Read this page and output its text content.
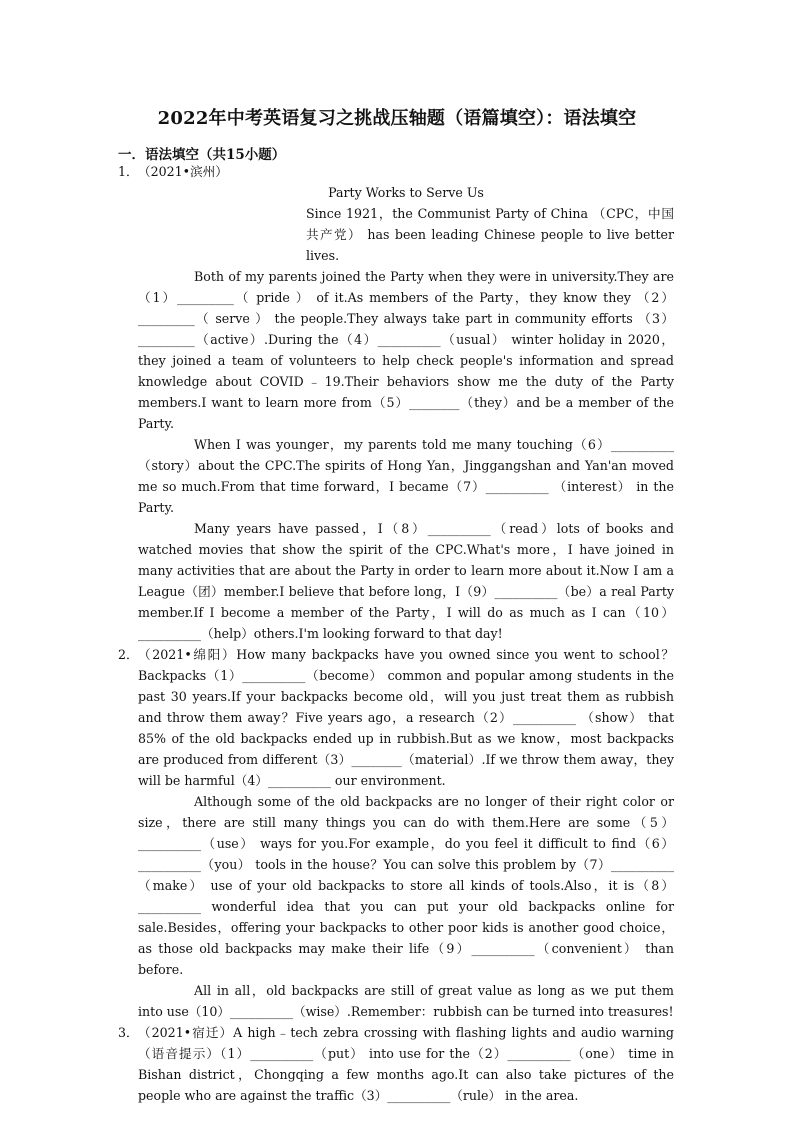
2022年中考英语复习之挑战压轴题（语篇填空）：语法填空
一．语法填空（共15小题）
1． （2021•滨州）

Party Works to Serve Us

Since 1921，the Communist Party of China （CPC，中国共产党） has been leading Chinese people to live better lives.

Both of my parents joined the Party when they were in university.They are （1）_________（ pride ） of it.As members of the Party，they know they （2）_________（ serve ） the people.They always take part in community efforts （3）_________（active）.During the（4）__________（usual） winter holiday in 2020，they joined a team of volunteers to help check people's information and spread knowledge about COVID﹣19.Their behaviors show me the duty of the Party members.I want to learn more from（5）________（they）and be a member of the Party.

When I was younger，my parents told me many touching（6）__________（story）about the CPC.The spirits of Hong Yan，Jinggangshan and Yan'an moved me so much.From that time forward，I became（7）__________ （interest） in the Party.

Many years have passed，I（8）__________（read）lots of books and watched movies that show the spirit of the CPC.What's more，I have joined in many activities that are about the Party in order to learn more about it.Now I am a League（团）member.I believe that before long，I（9）__________（be）a real Party member.If I become a member of the Party，I will do as much as I can（10）__________（help）others.I'm looking forward to that day!

2． （2021•绵阳）How many backpacks have you owned since you went to school？Backpacks（1）__________（become） common and popular among students in the past 30 years.If your backpacks become old，will you just treat them as rubbish and throw them away？Five years ago，a research（2）__________ （show） that 85% of the old backpacks ended up in rubbish.But as we know，most backpacks are produced from different（3）________（material）.If we throw them away，they will be harmful（4）__________ our environment.

Although some of the old backpacks are no longer of their right color or size，there are still many things you can do with them.Here are some（5）__________（use） ways for you.For example，do you feel it difficult to find（6）__________（you） tools in the house？You can solve this problem by（7）__________（make） use of your old backpacks to store all kinds of tools.Also，it is（8）__________ wonderful idea that you can put your old backpacks online for sale.Besides，offering your backpacks to other poor kids is another good choice，as those old backpacks may make their life（9）__________（convenient） than before.

All in all，old backpacks are still of great value as long as we put them into use（10）__________（wise）.Remember：rubbish can be turned into treasures!

3． （2021•宿迁）A high﹣tech zebra crossing with flashing lights and audio warning（语音提示）（1）__________（put） into use for the（2）__________（one） time in Bishan district，Chongqing a few months ago.It can also take pictures of the people who are against the traffic（3）__________（rule） in the area.
